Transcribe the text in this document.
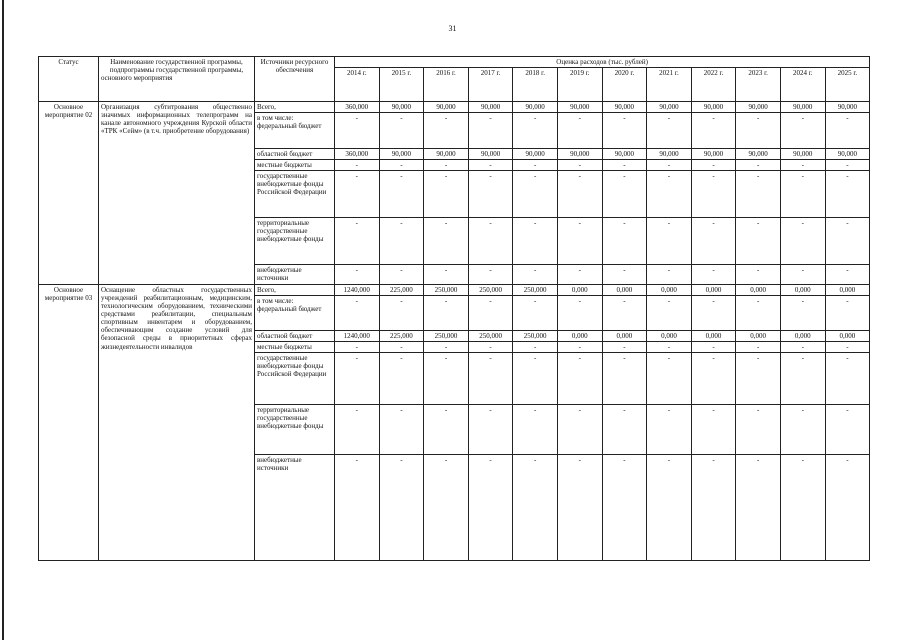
31
Статус	Наименование государственной программы, подпрограммы государственной программы, основного мероприятия	Источники ресурсного обеспечения	Оценка расходов (тыс. рублей)											
			2014 г.	2015 г.	2016 г.	2017 г.	2018 г.	2019 г.	2020 г.	2021 г.	2022 г.	2023 г.	2024 г.	2025 г.
Основное мероприятие 02	Организация субтитрования общественно значимых информационных телепрограмм на канале автономного учреждения Курской области «ТРК «Сейм» (в т.ч. приобретение оборудования)	Всего,	360,000	90,000	90,000	90,000	90,000	90,000	90,000	90,000	90,000	90,000	90,000	90,000
		в том числе: федеральный бюджет	-	-	-	-	-	-	-	-	-	-	-	-
		областной бюджет	360,000	90,000	90,000	90,000	90,000	90,000	90,000	90,000	90,000	90,000	90,000	90,000
		местные бюджеты	-	-	-	-	-	-	-	-	-	-	-	-
		государственные внебюджетные фонды Российской Федерации	-	-	-	-	-	-	-	-	-	-	-	-
		территориальные государственные внебюджетные фонды	-	-	-	-	-	-	-	-	-	-	-	-
		внебюджетные источники	-	-	-	-	-	-	-	-	-	-	-	-
Основное мероприятие 03	Оснащение областных государственных учреждений реабилитационным, медицинским, технологическим оборудованием, техническими средствами реабилитации, специальным спортивным инвентарем и оборудованием, обеспечивающим создание условий для безопасной среды в приоритетных сферах жизнедеятельности инвалидов	Всего,	1240,000	225,000	250,000	250,000	250,000	0,000	0,000	0,000	0,000	0,000	0,000	0,000
		в том числе: федеральный бюджет	-	-	-	-	-	-	-	-	-	-	-	-
		областной бюджет	1240,000	225,000	250,000	250,000	250,000	0,000	0,000	0,000	0,000	0,000	0,000	0,000
		местные бюджеты	-	-	-	-	-	-	-	-	-	-	-	-
		государственные внебюджетные фонды Российской Федерации	-	-	-	-	-	-	-	-	-	-	-	-
		территориальные государственные внебюджетные фонды	-	-	-	-	-	-	-	-	-	-	-	-
		внебюджетные источники	-	-	-	-	-	-	-	-	-	-	-	-
